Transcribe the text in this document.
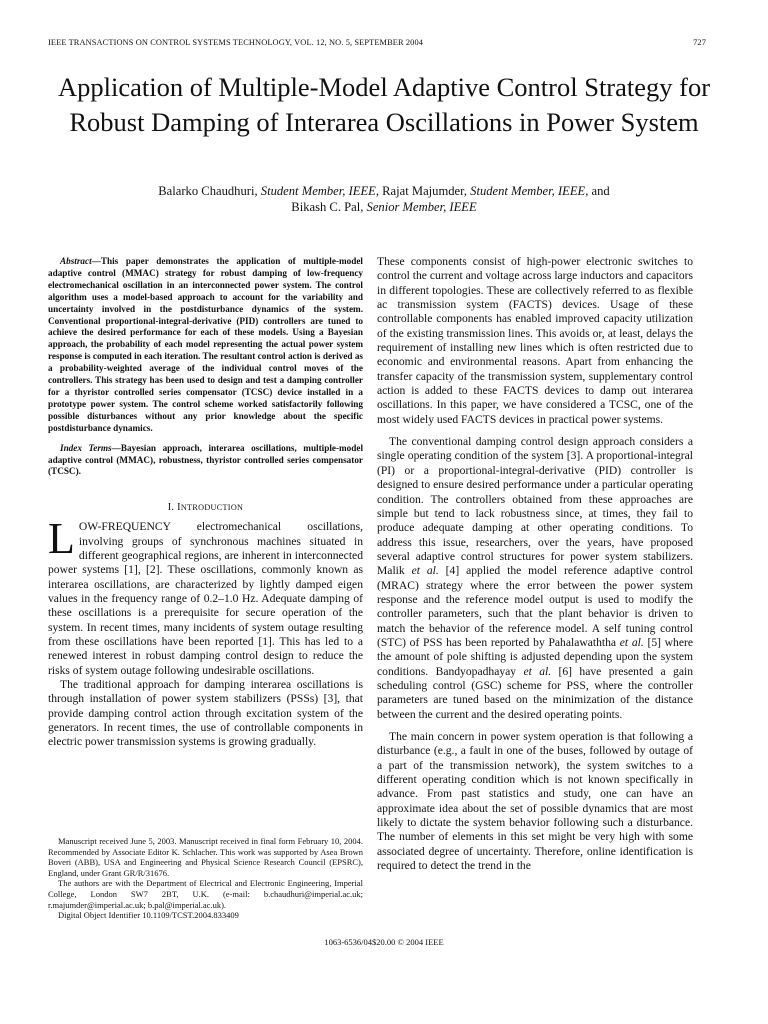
IEEE TRANSACTIONS ON CONTROL SYSTEMS TECHNOLOGY, VOL. 12, NO. 5, SEPTEMBER 2004	727
Application of Multiple-Model Adaptive Control Strategy for Robust Damping of Interarea Oscillations in Power System
Balarko Chaudhuri, Student Member, IEEE, Rajat Majumder, Student Member, IEEE, and
Bikash C. Pal, Senior Member, IEEE

Abstract—This paper demonstrates the application of multiple-model adaptive control (MMAC) strategy for robust damping of low-frequency electromechanical oscillation in an interconnected power system. The control algorithm uses a model-based approach to account for the variability and uncertainty involved in the postdisturbance dynamics of the system. Conventional proportional-integral-derivative (PID) controllers are tuned to achieve the desired performance for each of these models. Using a Bayesian approach, the probability of each model representing the actual power system response is computed in each iteration. The resultant control action is derived as a probability-weighted average of the individual control moves of the controllers. This strategy has been used to design and test a damping controller for a thyristor controlled series compensator (TCSC) device installed in a prototype power system. The control scheme worked satisfactorily following possible disturbances without any prior knowledge about the specific postdisturbance dynamics.

Index Terms—Bayesian approach, interarea oscillations, multiple-model adaptive control (MMAC), robustness, thyristor controlled series compensator (TCSC).

I. INTRODUCTION

LOW-FREQUENCY electromechanical oscillations, involving groups of synchronous machines situated in different geographical regions, are inherent in interconnected power systems [1], [2]. These oscillations, commonly known as interarea oscillations, are characterized by lightly damped eigen values in the frequency range of 0.2–1.0 Hz. Adequate damping of these oscillations is a prerequisite for secure operation of the system. In recent times, many incidents of system outage resulting from these oscillations have been reported [1]. This has led to a renewed interest in robust damping control design to reduce the risks of system outage following undesirable oscillations.

The traditional approach for damping interarea oscillations is through installation of power system stabilizers (PSSs) [3], that provide damping control action through excitation system of the generators. In recent times, the use of controllable components in electric power transmission systems is growing gradually.

Manuscript received June 5, 2003. Manuscript received in final form February 10, 2004. Recommended by Associate Editor K. Schlacher. This work was supported by Asea Brown Boveri (ABB), USA and Engineering and Physical Science Research Council (EPSRC), England, under Grant GR/R/31676.

The authors are with the Department of Electrical and Electronic Engineering, Imperial College, London SW7 2BT, U.K. (e-mail: b.chaudhuri@imperial.ac.uk; r.majumder@imperial.ac.uk; b.pal@imperial.ac.uk).

Digital Object Identifier 10.1109/TCST.2004.833409

These components consist of high-power electronic switches to control the current and voltage across large inductors and capacitors in different topologies. These are collectively referred to as flexible ac transmission system (FACTS) devices. Usage of these controllable components has enabled improved capacity utilization of the existing transmission lines. This avoids or, at least, delays the requirement of installing new lines which is often restricted due to economic and environmental reasons. Apart from enhancing the transfer capacity of the transmission system, supplementary control action is added to these FACTS devices to damp out interarea oscillations. In this paper, we have considered a TCSC, one of the most widely used FACTS devices in practical power systems.

The conventional damping control design approach considers a single operating condition of the system [3]. A proportional-integral (PI) or a proportional-integral-derivative (PID) controller is designed to ensure desired performance under a particular operating condition. The controllers obtained from these approaches are simple but tend to lack robustness since, at times, they fail to produce adequate damping at other operating conditions. To address this issue, researchers, over the years, have proposed several adaptive control structures for power system stabilizers. Malik et al. [4] applied the model reference adaptive control (MRAC) strategy where the error between the power system response and the reference model output is used to modify the controller parameters, such that the plant behavior is driven to match the behavior of the reference model. A self tuning control (STC) of PSS has been reported by Pahalawaththa et al. [5] where the amount of pole shifting is adjusted depending upon the system conditions. Bandyopadhayay et al. [6] have presented a gain scheduling control (GSC) scheme for PSS, where the controller parameters are tuned based on the minimization of the distance between the current and the desired operating points.

The main concern in power system operation is that following a disturbance (e.g., a fault in one of the buses, followed by outage of a part of the transmission network), the system switches to a different operating condition which is not known specifically in advance. From past statistics and study, one can have an approximate idea about the set of possible dynamics that are most likely to dictate the system behavior following such a disturbance. The number of elements in this set might be very high with some associated degree of uncertainty. Therefore, online identification is required to detect the trend in the

1063-6536/04$20.00 © 2004 IEEE
